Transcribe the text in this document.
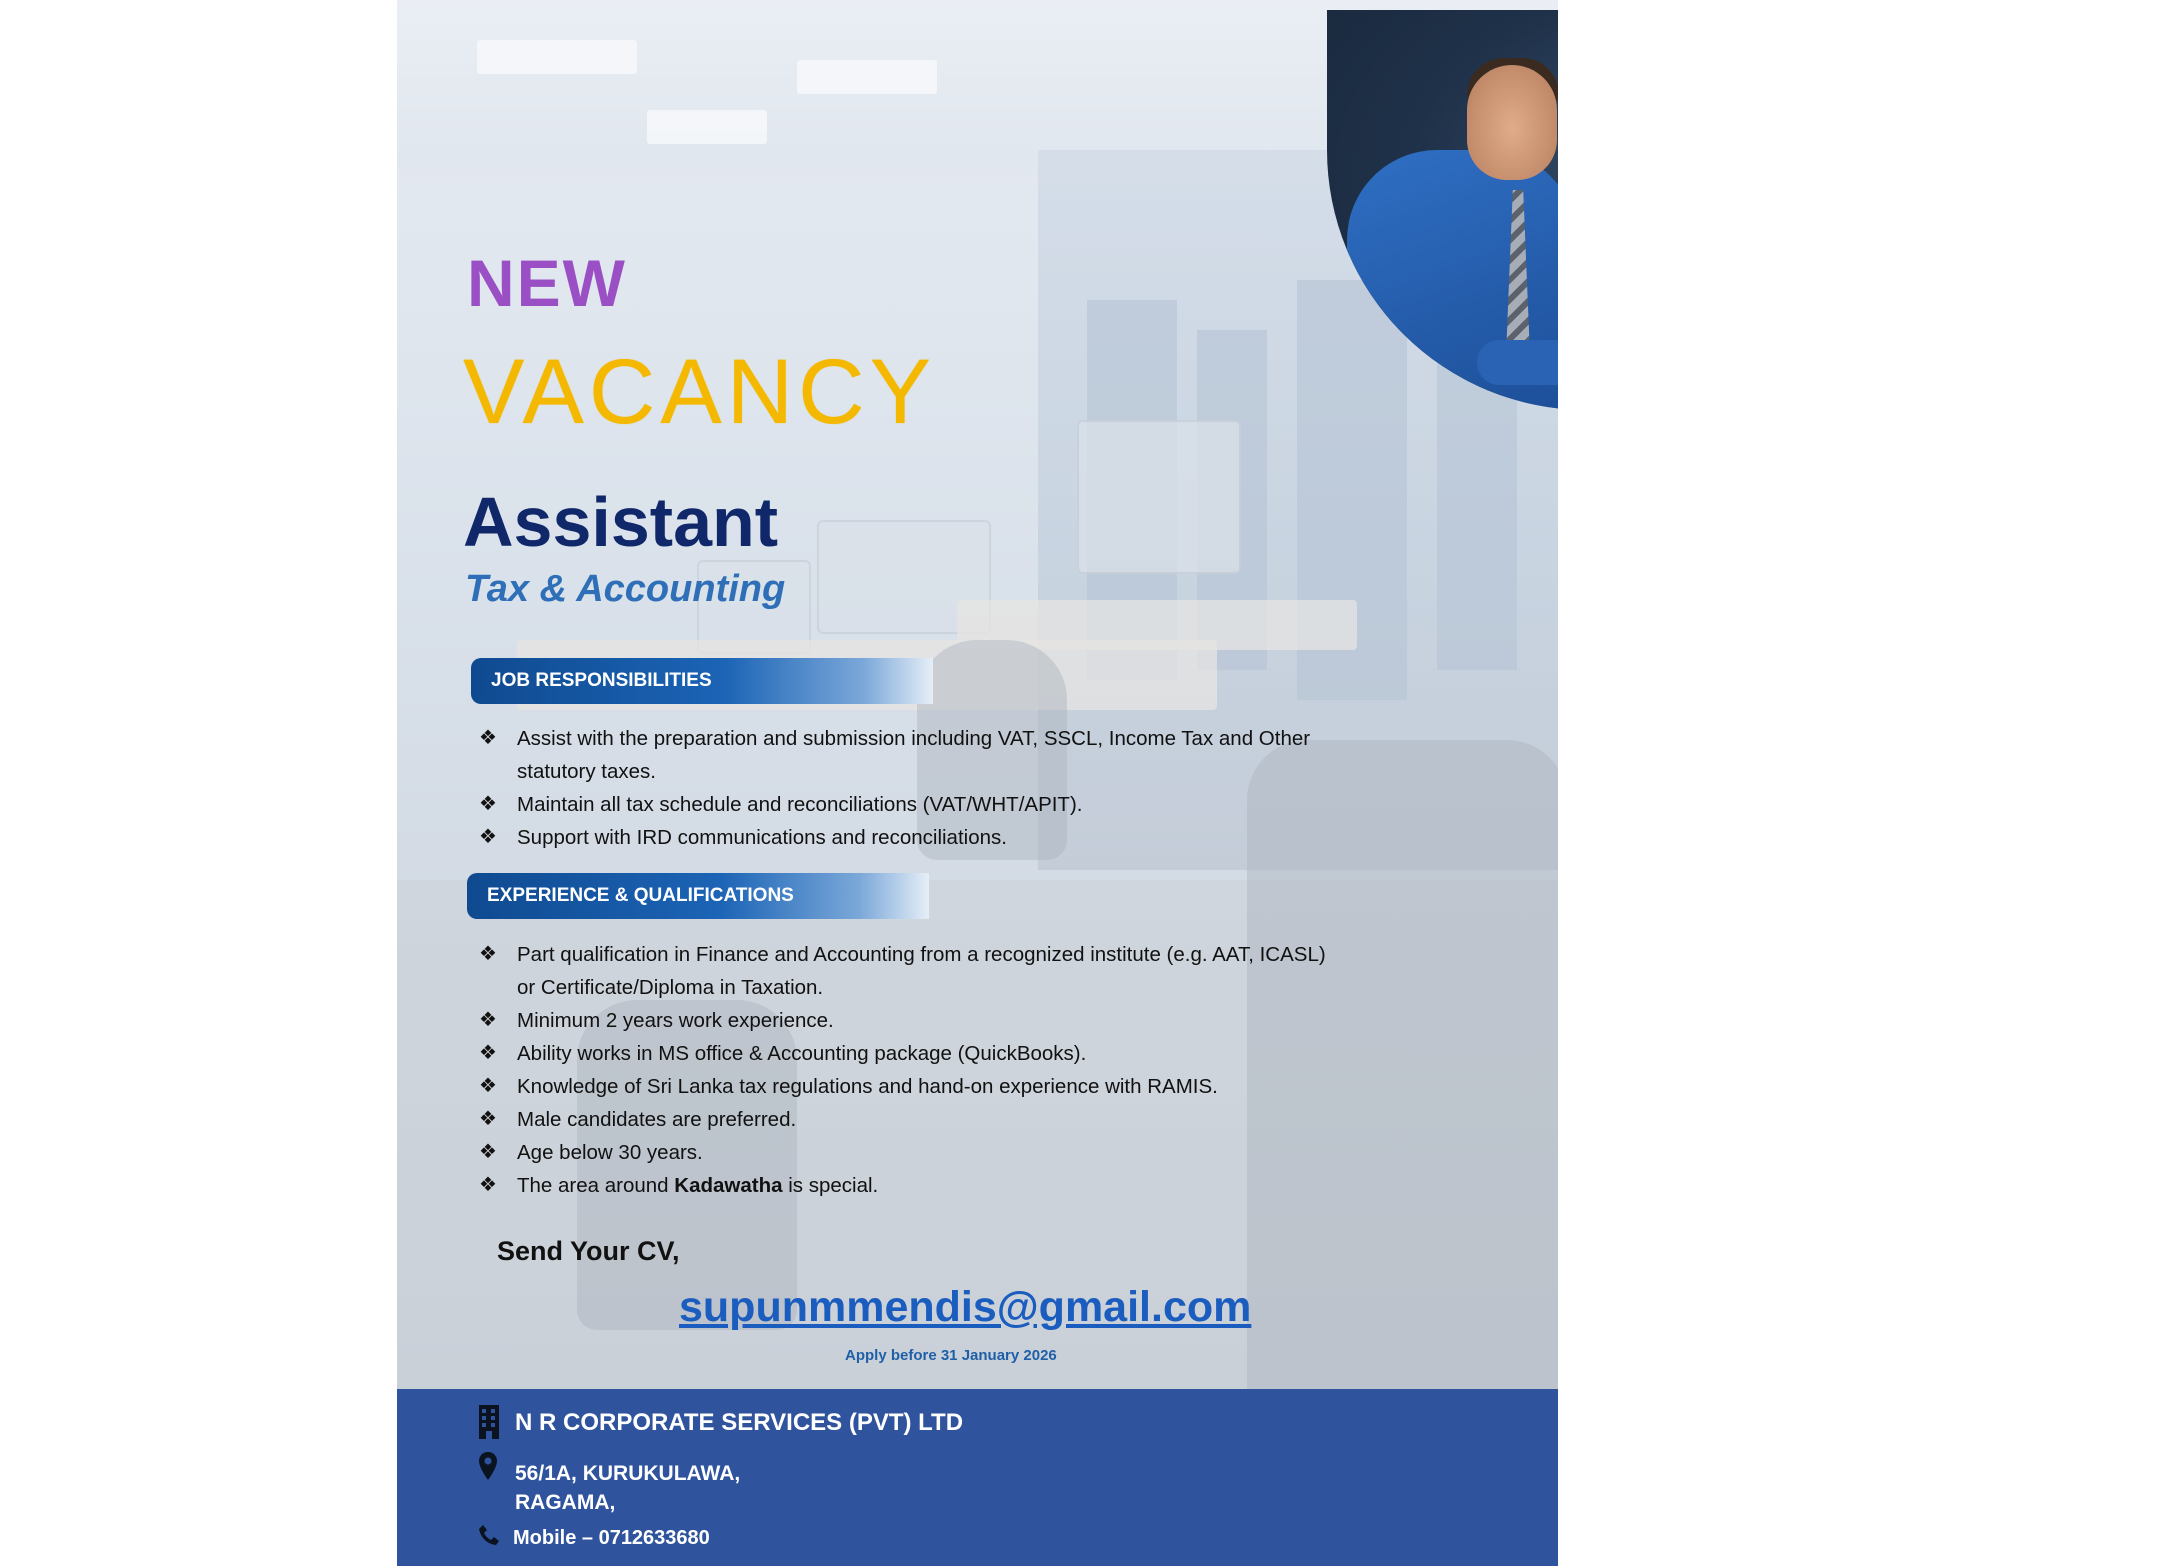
NEW
VACANCY
Assistant
Tax & Accounting
JOB RESPONSIBILITIES
❖ Assist with the preparation and submission including VAT, SSCL, Income Tax and Other
statutory taxes.
❖ Maintain all tax schedule and reconciliations (VAT/WHT/APIT).
❖ Support with IRD communications and reconciliations.
EXPERIENCE & QUALIFICATIONS
❖ Part qualification in Finance and Accounting from a recognized institute (e.g. AAT, ICASL)
or Certificate/Diploma in Taxation.
❖ Minimum 2 years work experience.
❖ Ability works in MS office & Accounting package (QuickBooks).
❖ Knowledge of Sri Lanka tax regulations and hand-on experience with RAMIS.
❖ Male candidates are preferred.
❖ Age below 30 years.
❖ The area around Kadawatha is special.
Send Your CV,
supunmmendis@gmail.com
Apply before 31 January 2026
N R CORPORATE SERVICES (PVT) LTD
56/1A, KURUKULAWA,
RAGAMA,
Mobile – 0712633680
